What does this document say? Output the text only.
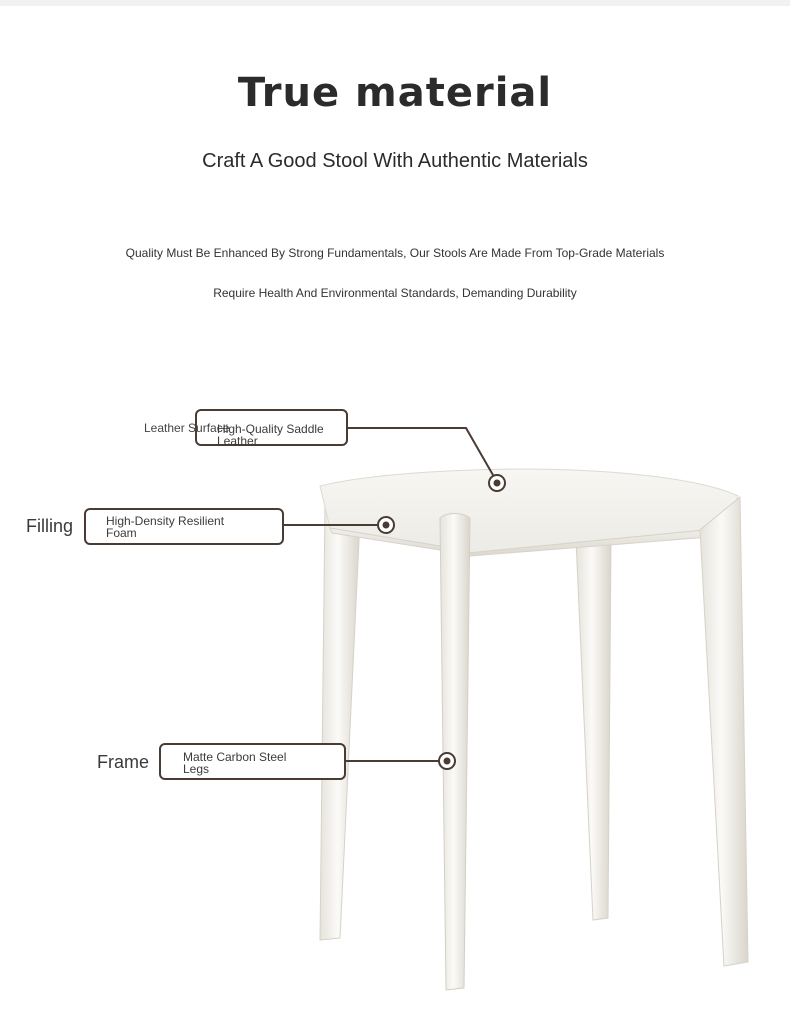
True material
Craft A Good Stool With Authentic Materials
Quality Must Be Enhanced By Strong Fundamentals, Our Stools Are Made From Top-Grade Materials
Require Health And Environmental Standards, Demanding Durability
Leather Surface
High-Quality Saddle Leather
Filling	High-Density Resilient Foam
Frame	Matte Carbon Steel Legs
